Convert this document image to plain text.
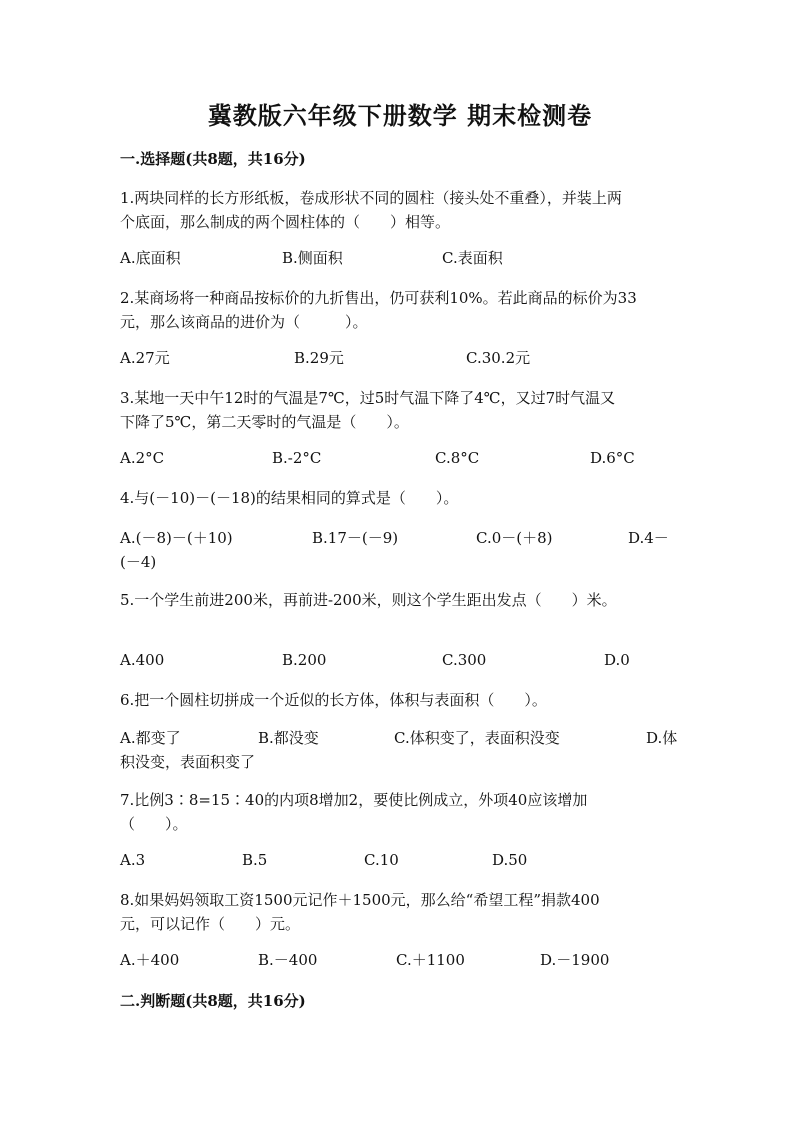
冀教版六年级下册数学 期末检测卷
一.选择题(共8题，共16分)
1.两块同样的长方形纸板，卷成形状不同的圆柱（接头处不重叠），并装上两
个底面，那么制成的两个圆柱体的（　　）相等。
A.底面积	B.侧面积	C.表面积
2.某商场将一种商品按标价的九折售出，仍可获利10%。若此商品的标价为33
元，那么该商品的进价为（　　　）。
A.27元	B.29元	C.30.2元
3.某地一天中午12时的气温是7℃，过5时气温下降了4℃，又过7时气温又
下降了5℃，第二天零时的气温是（　　）。
A.2°C	B.-2°C	C.8°C	D.6°C
4.与(－10)－(－18)的结果相同的算式是（　　）。
A.(－8)－(＋10)	B.17－(－9)	C.0－(＋8)	D.4－
(－4)
5.一个学生前进200米，再前进-200米，则这个学生距出发点（　　）米。
A.400	B.200	C.300	D.0
6.把一个圆柱切拼成一个近似的长方体，体积与表面积（　　）。
A.都变了	B.都没变	C.体积变了，表面积没变	D.体
积没变，表面积变了
7.比例3∶8=15∶40的内项8增加2，要使比例成立，外项40应该增加
（　　）。
A.3	B.5	C.10	D.50
8.如果妈妈领取工资1500元记作＋1500元，那么给“希望工程”捐款400
元，可以记作（　　）元。
A.＋400	B.－400	C.＋1100	D.－1900
二.判断题(共8题，共16分)
